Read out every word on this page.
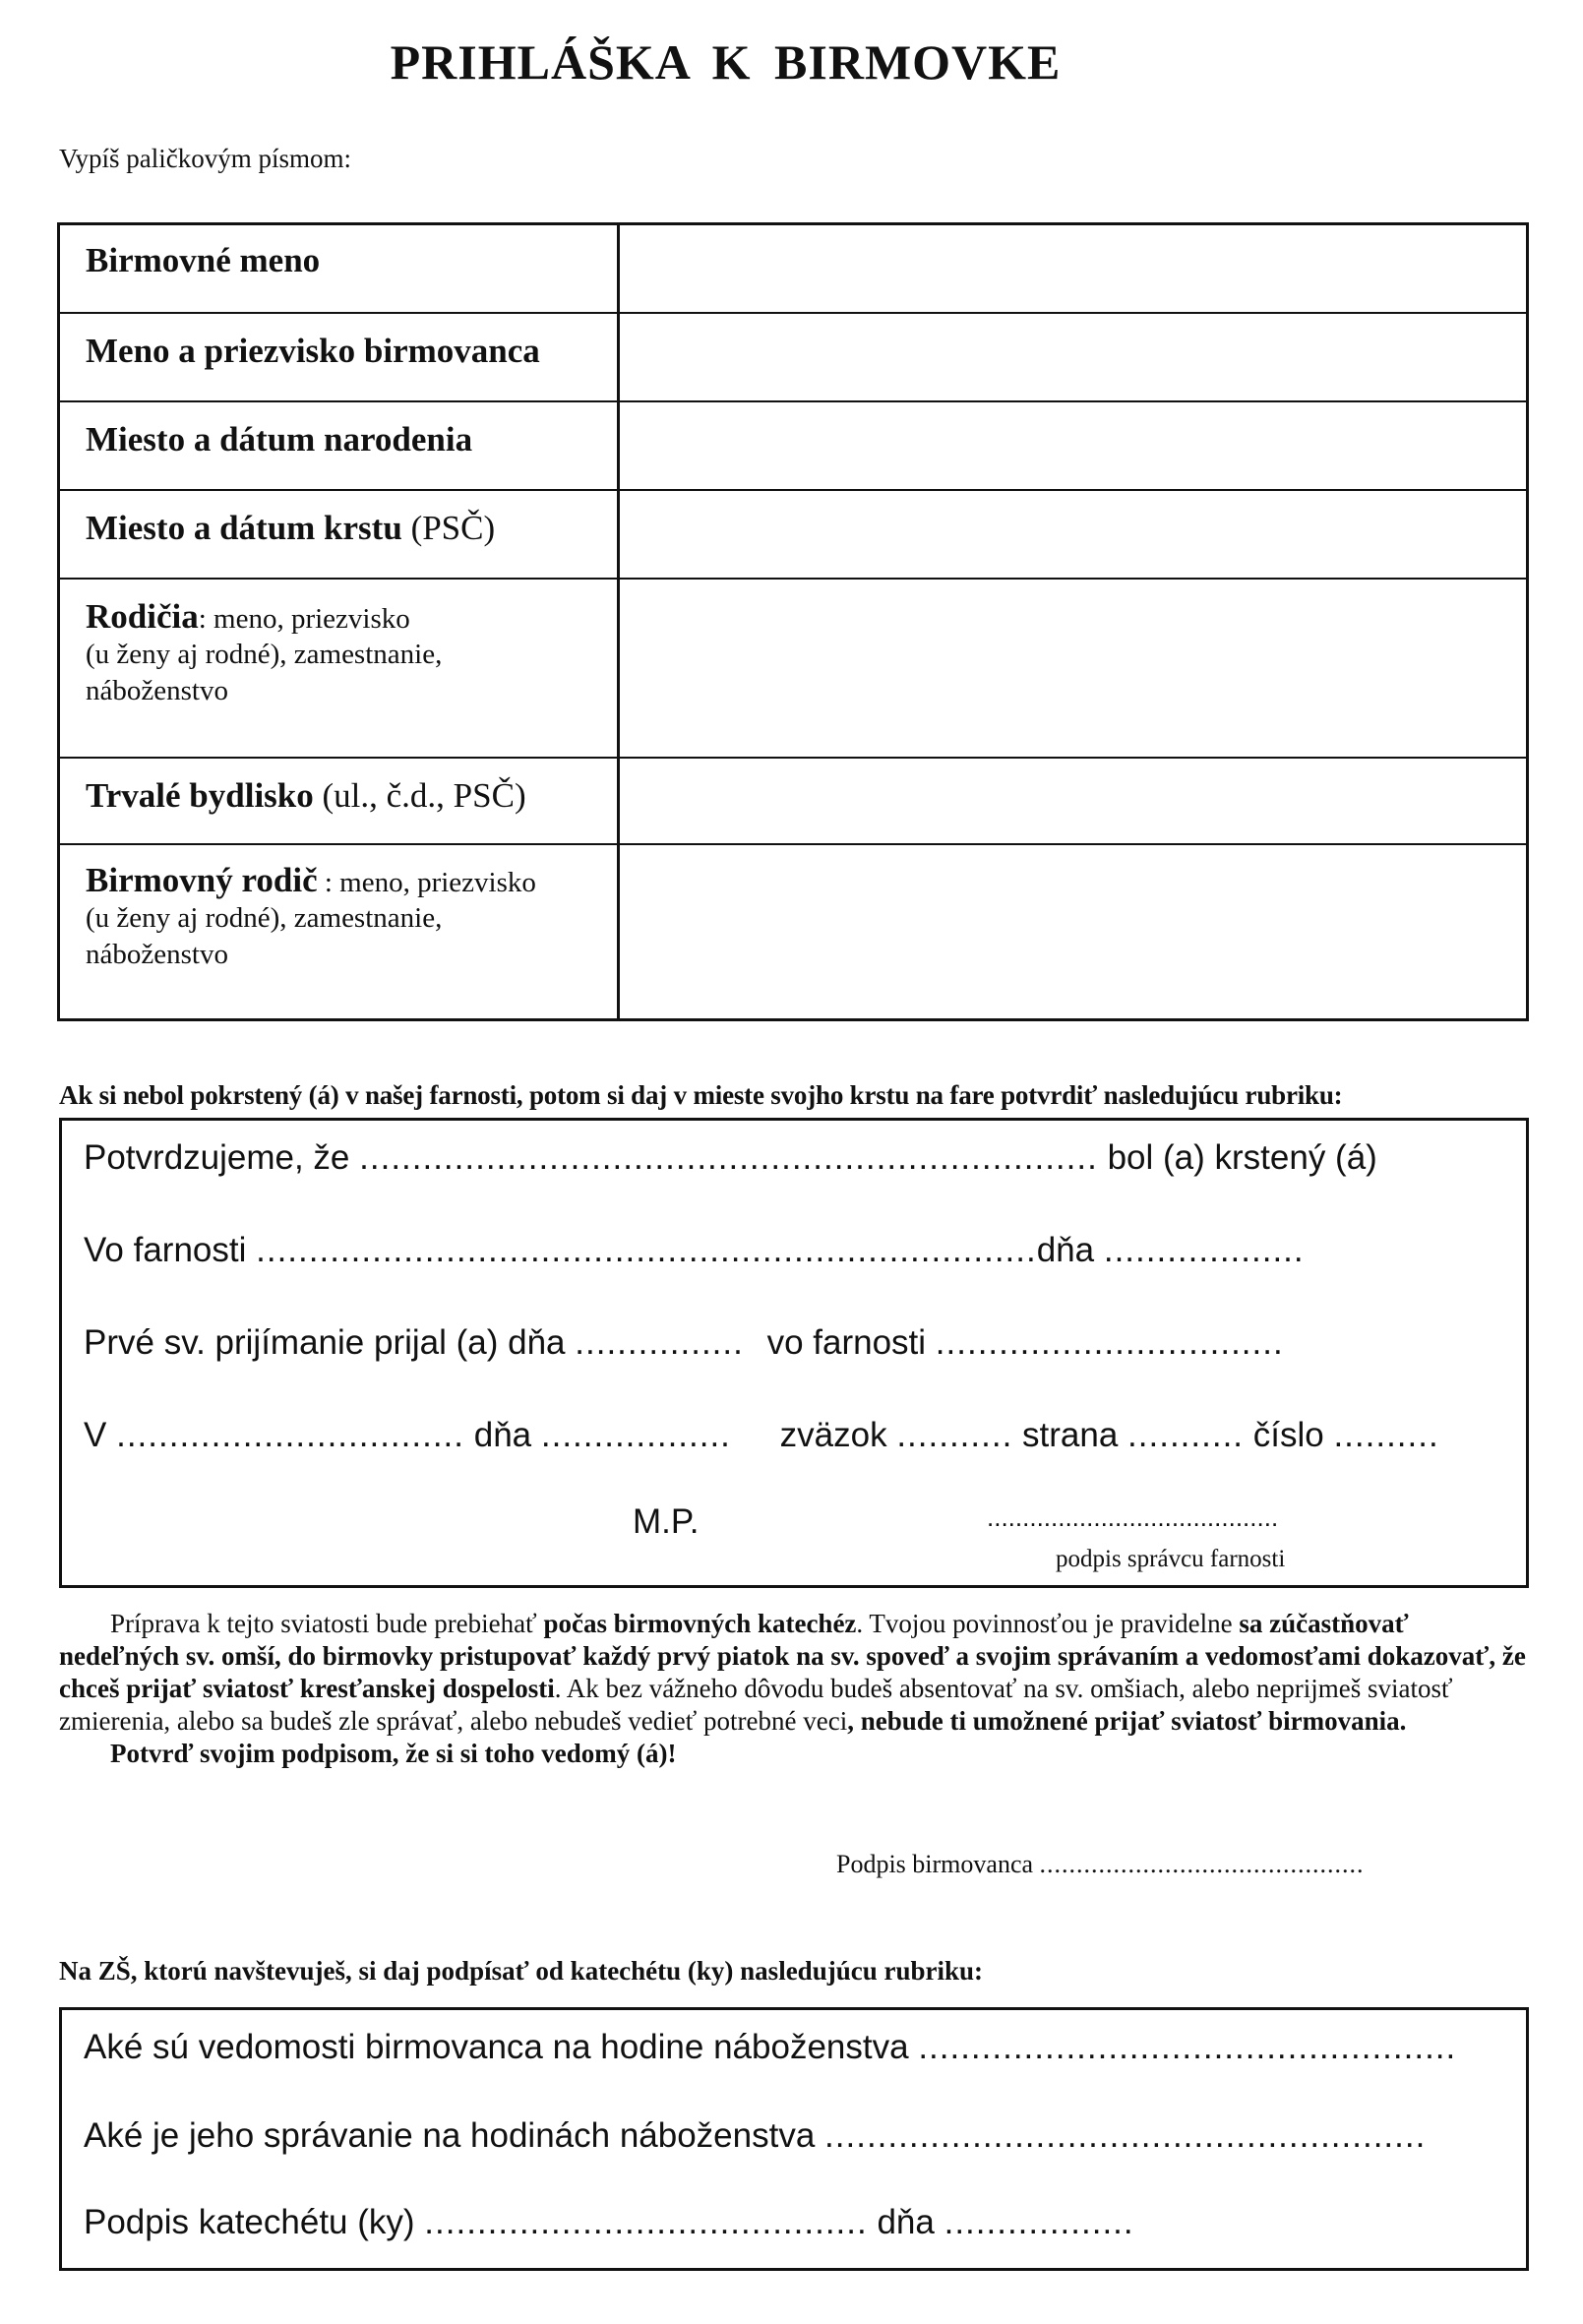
PRIHLÁŠKA K BIRMOVKE
Vypíš paličkovým písmom:
Birmovné meno
Meno a priezvisko birmovanca
Miesto a dátum narodenia
Miesto a dátum krstu (PSČ)
Rodičia: meno, priezvisko
(u ženy aj rodné), zamestnanie, náboženstvo
Trvalé bydlisko (ul., č.d., PSČ)
Birmovný rodič : meno, priezvisko
(u ženy aj rodné), zamestnanie, náboženstvo
Ak si nebol pokrstený (á) v našej farnosti, potom si daj v mieste svojho krstu na fare potvrdiť nasledujúcu rubriku:
Potvrdzujeme, že ...................................................................... bol (a) krstený (á)
Vo farnosti ..........................................................................dňa ...................
Prvé sv. prijímanie prijal (a) dňa ................ vo farnosti .................................
V ................................. dňa .................. zväzok ........... strana ........... číslo ..........
M.P.	.........................................
podpis správcu farnosti

Príprava k tejto sviatosti bude prebiehať počas birmovných katechéz. Tvojou povinnosťou je pravidelne sa zúčastňovať nedeľných sv. omší, do birmovky pristupovať každý prvý piatok na sv. spoveď a svojim správaním a vedomosťami dokazovať, že chceš prijať sviatosť kresťanskej dospelosti. Ak bez vážneho dôvodu budeš absentovať na sv. omšiach, alebo neprijmeš sviatosť zmierenia, alebo sa budeš zle správať, alebo nebudeš vedieť potrebné veci, nebude ti umožnené prijať sviatosť birmovania.

Potvrď svojim podpisom, že si si toho vedomý (á)!

Podpis birmovanca ............................................
Na ZŠ, ktorú navštevuješ, si daj podpísať od katechétu (ky) nasledujúcu rubriku:
Aké sú vedomosti birmovanca na hodine náboženstva ...................................................
Aké je jeho správanie na hodinách náboženstva .........................................................
Podpis katechétu (ky) .......................................... dňa ..................
